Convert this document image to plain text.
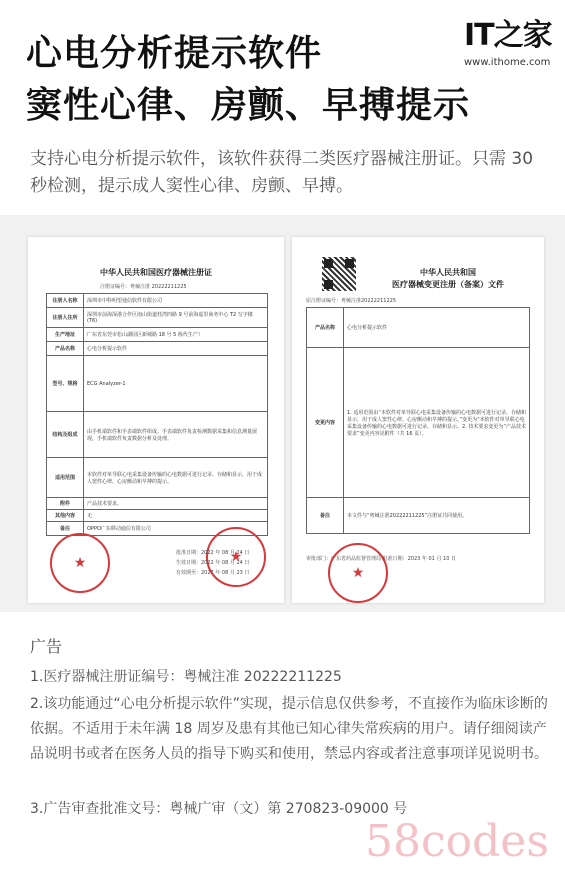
IT之家
www.ithome.com
心电分析提示软件
窦性心律、房颤、早搏提示
支持心电分析提示软件，该软件获得二类医疗器械注册证。只需 30 秒检测，提示成人窦性心律、房颤、早搏。
中华人民共和国医疗器械注册证
注册证编号：粤械注准 20222211225
注册人名称	深圳市中科明望通信软件有限公司
注册人住所	深圳市前海深港合作区南山街道桂湾四路 9 号前海嘉里商务中心 T2 写字楼 (T6)
生产地址	广东省东莞市松山湖园区新城路 18 号 5 栋代生产）
产品名称	心电分析提示软件
型号、规格	ECG Analyzer-1
结构及组成	由手机端软件和手表端软件组成。手表端软件负责检测数据采集和信息测量展现，手机端软件负责数据分析及处理。
适用范围	本软件对单导联心电采集设备传输的心电数据可进行记录、存储和显示，用于成人窦性心律、心房颤动和早搏的提示。
附件	产品技术要求。
其他内容	无
备注	OPPO广东移动通信有限公司
★
★
批准日期：2022 年 08 月 24 日
生效日期：2022 年 08 月 24 日
有效期至：2027 年 08 月 23 日
中华人民共和国
医疗器械变更注册（备案）文件
原注册证编号：粤械注准20222211225
产品名称	心电分析提示软件
变更内容	1. 适用范围由“本软件对单导联心电采集设备传输的心电数据可进行记录、存储和显示，用于成人窦性心律、心房颤动和早搏的提示。”变更为“本软件对单导联心电采集设备传输的心电数据可进行记录、存储和显示。2. 技术要求变更为“产品技术要求”变更内容见附件（共 16 页）。
备注	本文件与“粤械注准20222211225”注册证共同使用。
★
审批部门：广东省药品监督管理局 批准日期：2023 年 01 月 10 日
广告
1.医疗器械注册证编号：粤械注准 20222211225
2.该功能通过“心电分析提示软件”实现，提示信息仅供参考，不直接作为临床诊断的依据。不适用于未年满 18 周岁及患有其他已知心律失常疾病的用户。请仔细阅读产品说明书或者在医务人员的指导下购买和使用，禁忌内容或者注意事项详见说明书。
3.广告审查批准文号：粤械广审（文）第 270823-09000 号
58codes
